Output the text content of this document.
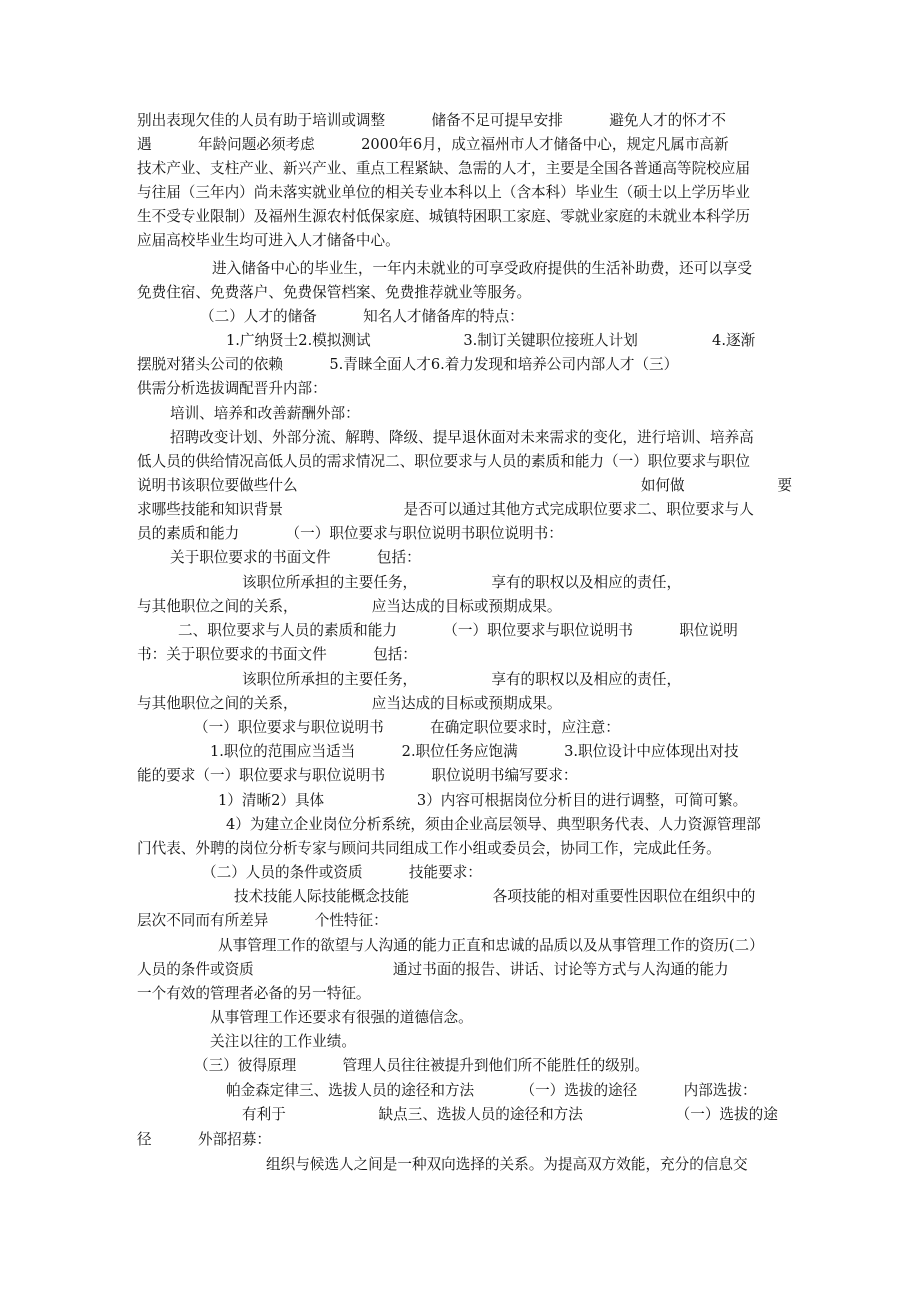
别出表现欠佳的人员有助于培训或调整          储备不足可提早安排          避免人才的怀才不

遇          年龄问题必须考虑          2000年6月，成立福州市人才储备中心，规定凡属市高新

技术产业、支柱产业、新兴产业、重点工程紧缺、急需的人才，主要是全国各普通高等院校应届

与往届（三年内）尚未落实就业单位的相关专业本科以上（含本科）毕业生（硕士以上学历毕业

生不受专业限制）及福州生源农村低保家庭、城镇特困职工家庭、零就业家庭的未就业本科学历

应届高校毕业生均可进入人才储备中心。

进入储备中心的毕业生，一年内未就业的可享受政府提供的生活补助费，还可以享受

免费住宿、免费落户、免费保管档案、免费推荐就业等服务。

（二）人才的储备          知名人才储备库的特点：

1.广纳贤士2.模拟测试                    3.制订关键职位接班人计划                4.逐渐

摆脱对猪头公司的依赖          5.青睐全面人才6.着力发现和培养公司内部人才（三）

供需分析选拔调配晋升内部：

培训、培养和改善薪酬外部：

招聘改变计划、外部分流、解聘、降级、提早退休面对未来需求的变化，进行培训、培养高

低人员的供给情况高低人员的需求情况二、职位要求与人员的素质和能力（一）职位要求与职位

说明书该职位要做些什么                                                                          如何做                    要

求哪些技能和知识背景                          是否可以通过其他方式完成职位要求二、职位要求与人

员的素质和能力          （一）职位要求与职位说明书职位说明书：

关于职位要求的书面文件          包括：

该职位所承担的主要任务，                享有的职权以及相应的责任，

与其他职位之间的关系，                应当达成的目标或预期成果。

二、职位要求与人员的素质和能力          （一）职位要求与职位说明书          职位说明

书：关于职位要求的书面文件          包括：

该职位所承担的主要任务，                享有的职权以及相应的责任，

与其他职位之间的关系，                应当达成的目标或预期成果。

（一）职位要求与职位说明书          在确定职位要求时，应注意：

1.职位的范围应当适当          2.职位任务应饱满          3.职位设计中应体现出对技

能的要求（一）职位要求与职位说明书          职位说明书编写要求：

1）清晰2）具体                    3）内容可根据岗位分析目的进行调整，可简可繁。

4）为建立企业岗位分析系统，须由企业高层领导、典型职务代表、人力资源管理部

门代表、外聘的岗位分析专家与顾问共同组成工作小组或委员会，协同工作，完成此任务。

（二）人员的条件或资质          技能要求：

技术技能人际技能概念技能                  各项技能的相对重要性因职位在组织中的

层次不同而有所差异          个性特征：

从事管理工作的欲望与人沟通的能力正直和忠诚的品质以及从事管理工作的资历(二）

人员的条件或资质                              通过书面的报告、讲话、讨论等方式与人沟通的能力

一个有效的管理者必备的另一特征。

从事管理工作还要求有很强的道德信念。

关注以往的工作业绩。

（三）彼得原理          管理人员往往被提升到他们所不能胜任的级别。

帕金森定律三、选拔人员的途径和方法          （一）选拔的途径          内部选拔：

有利于                    缺点三、选拔人员的途径和方法                    （一）选拔的途

径          外部招募：

组织与候选人之间是一种双向选择的关系。为提高双方效能，充分的信息交
